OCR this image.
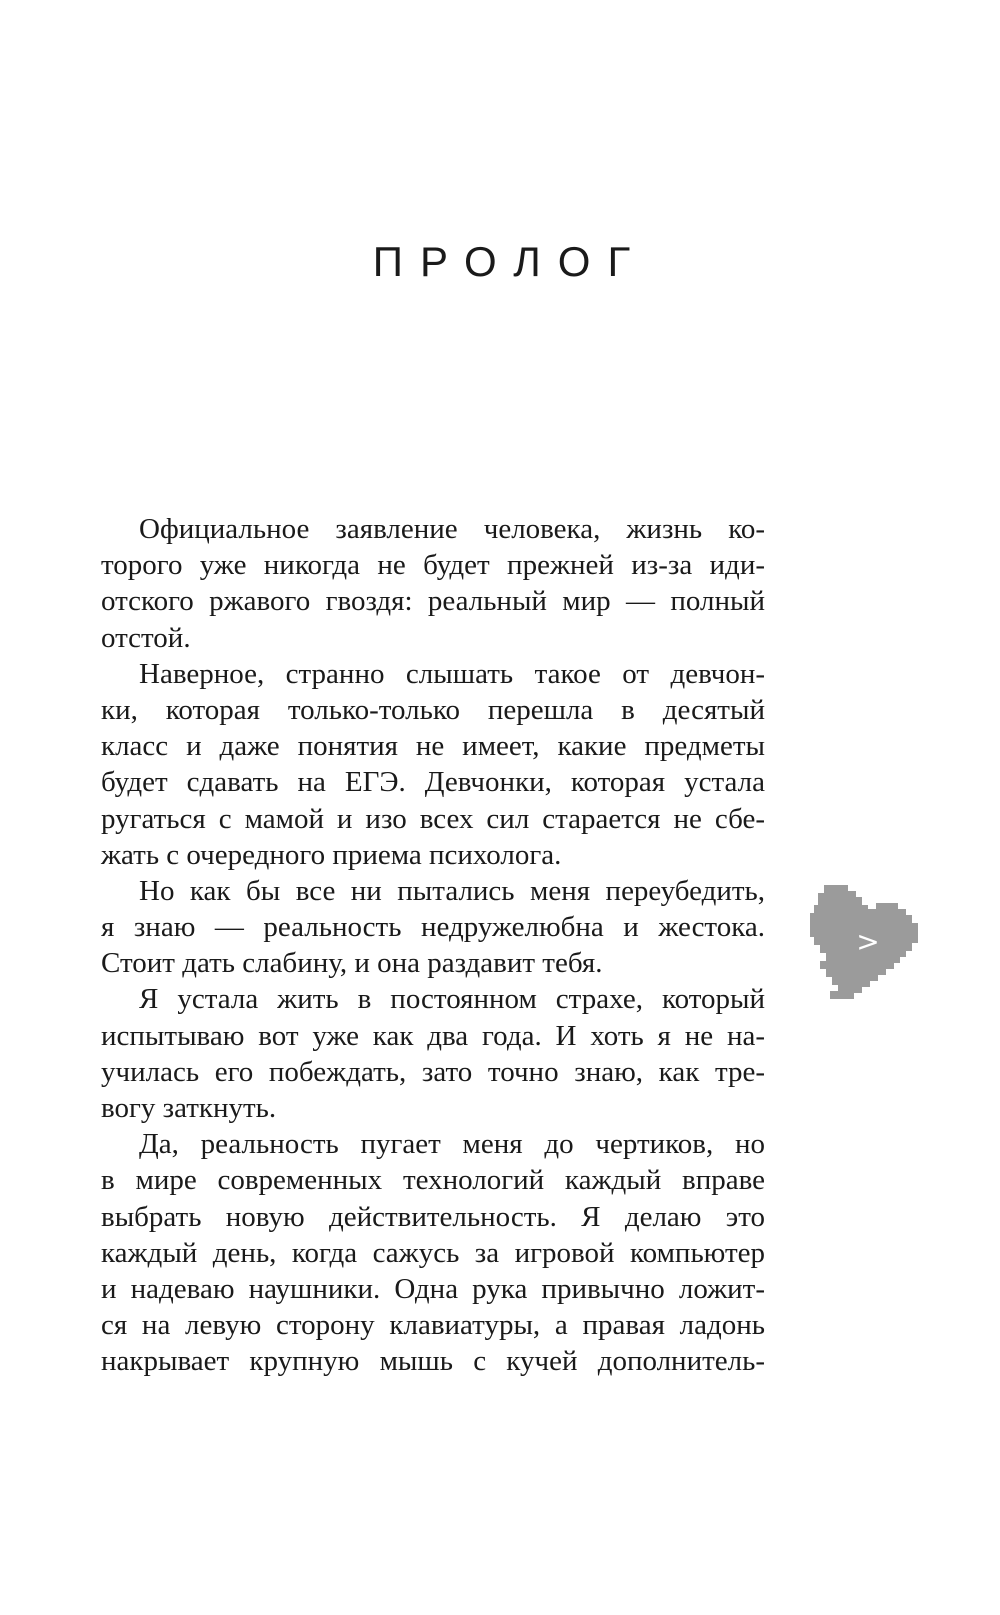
ПРОЛОГ
Официальное заявление человека, жизнь ко-
торого уже никогда не будет прежней из-за иди-
отского ржавого гвоздя: реальный мир — полный
отстой.
Наверное, странно слышать такое от девчон-
ки, которая только-только перешла в десятый
класс и даже понятия не имеет, какие предметы
будет сдавать на ЕГЭ. Девчонки, которая устала
ругаться с мамой и изо всех сил старается не сбе-
жать с очередного приема психолога.
Но как бы все ни пытались меня переубедить,
я знаю — реальность недружелюбна и жестока.
Стоит дать слабину, и она раздавит тебя.
Я устала жить в постоянном страхе, который
испытываю вот уже как два года. И хоть я не на-
училась его побеждать, зато точно знаю, как тре-
вогу заткнуть.
Да, реальность пугает меня до чертиков, но
в мире современных технологий каждый вправе
выбрать новую действительность. Я делаю это
каждый день, когда сажусь за игровой компьютер
и надеваю наушники. Одна рука привычно ложит-
ся на левую сторону клавиатуры, а правая ладонь
накрывает крупную мышь с кучей дополнитель-
>
